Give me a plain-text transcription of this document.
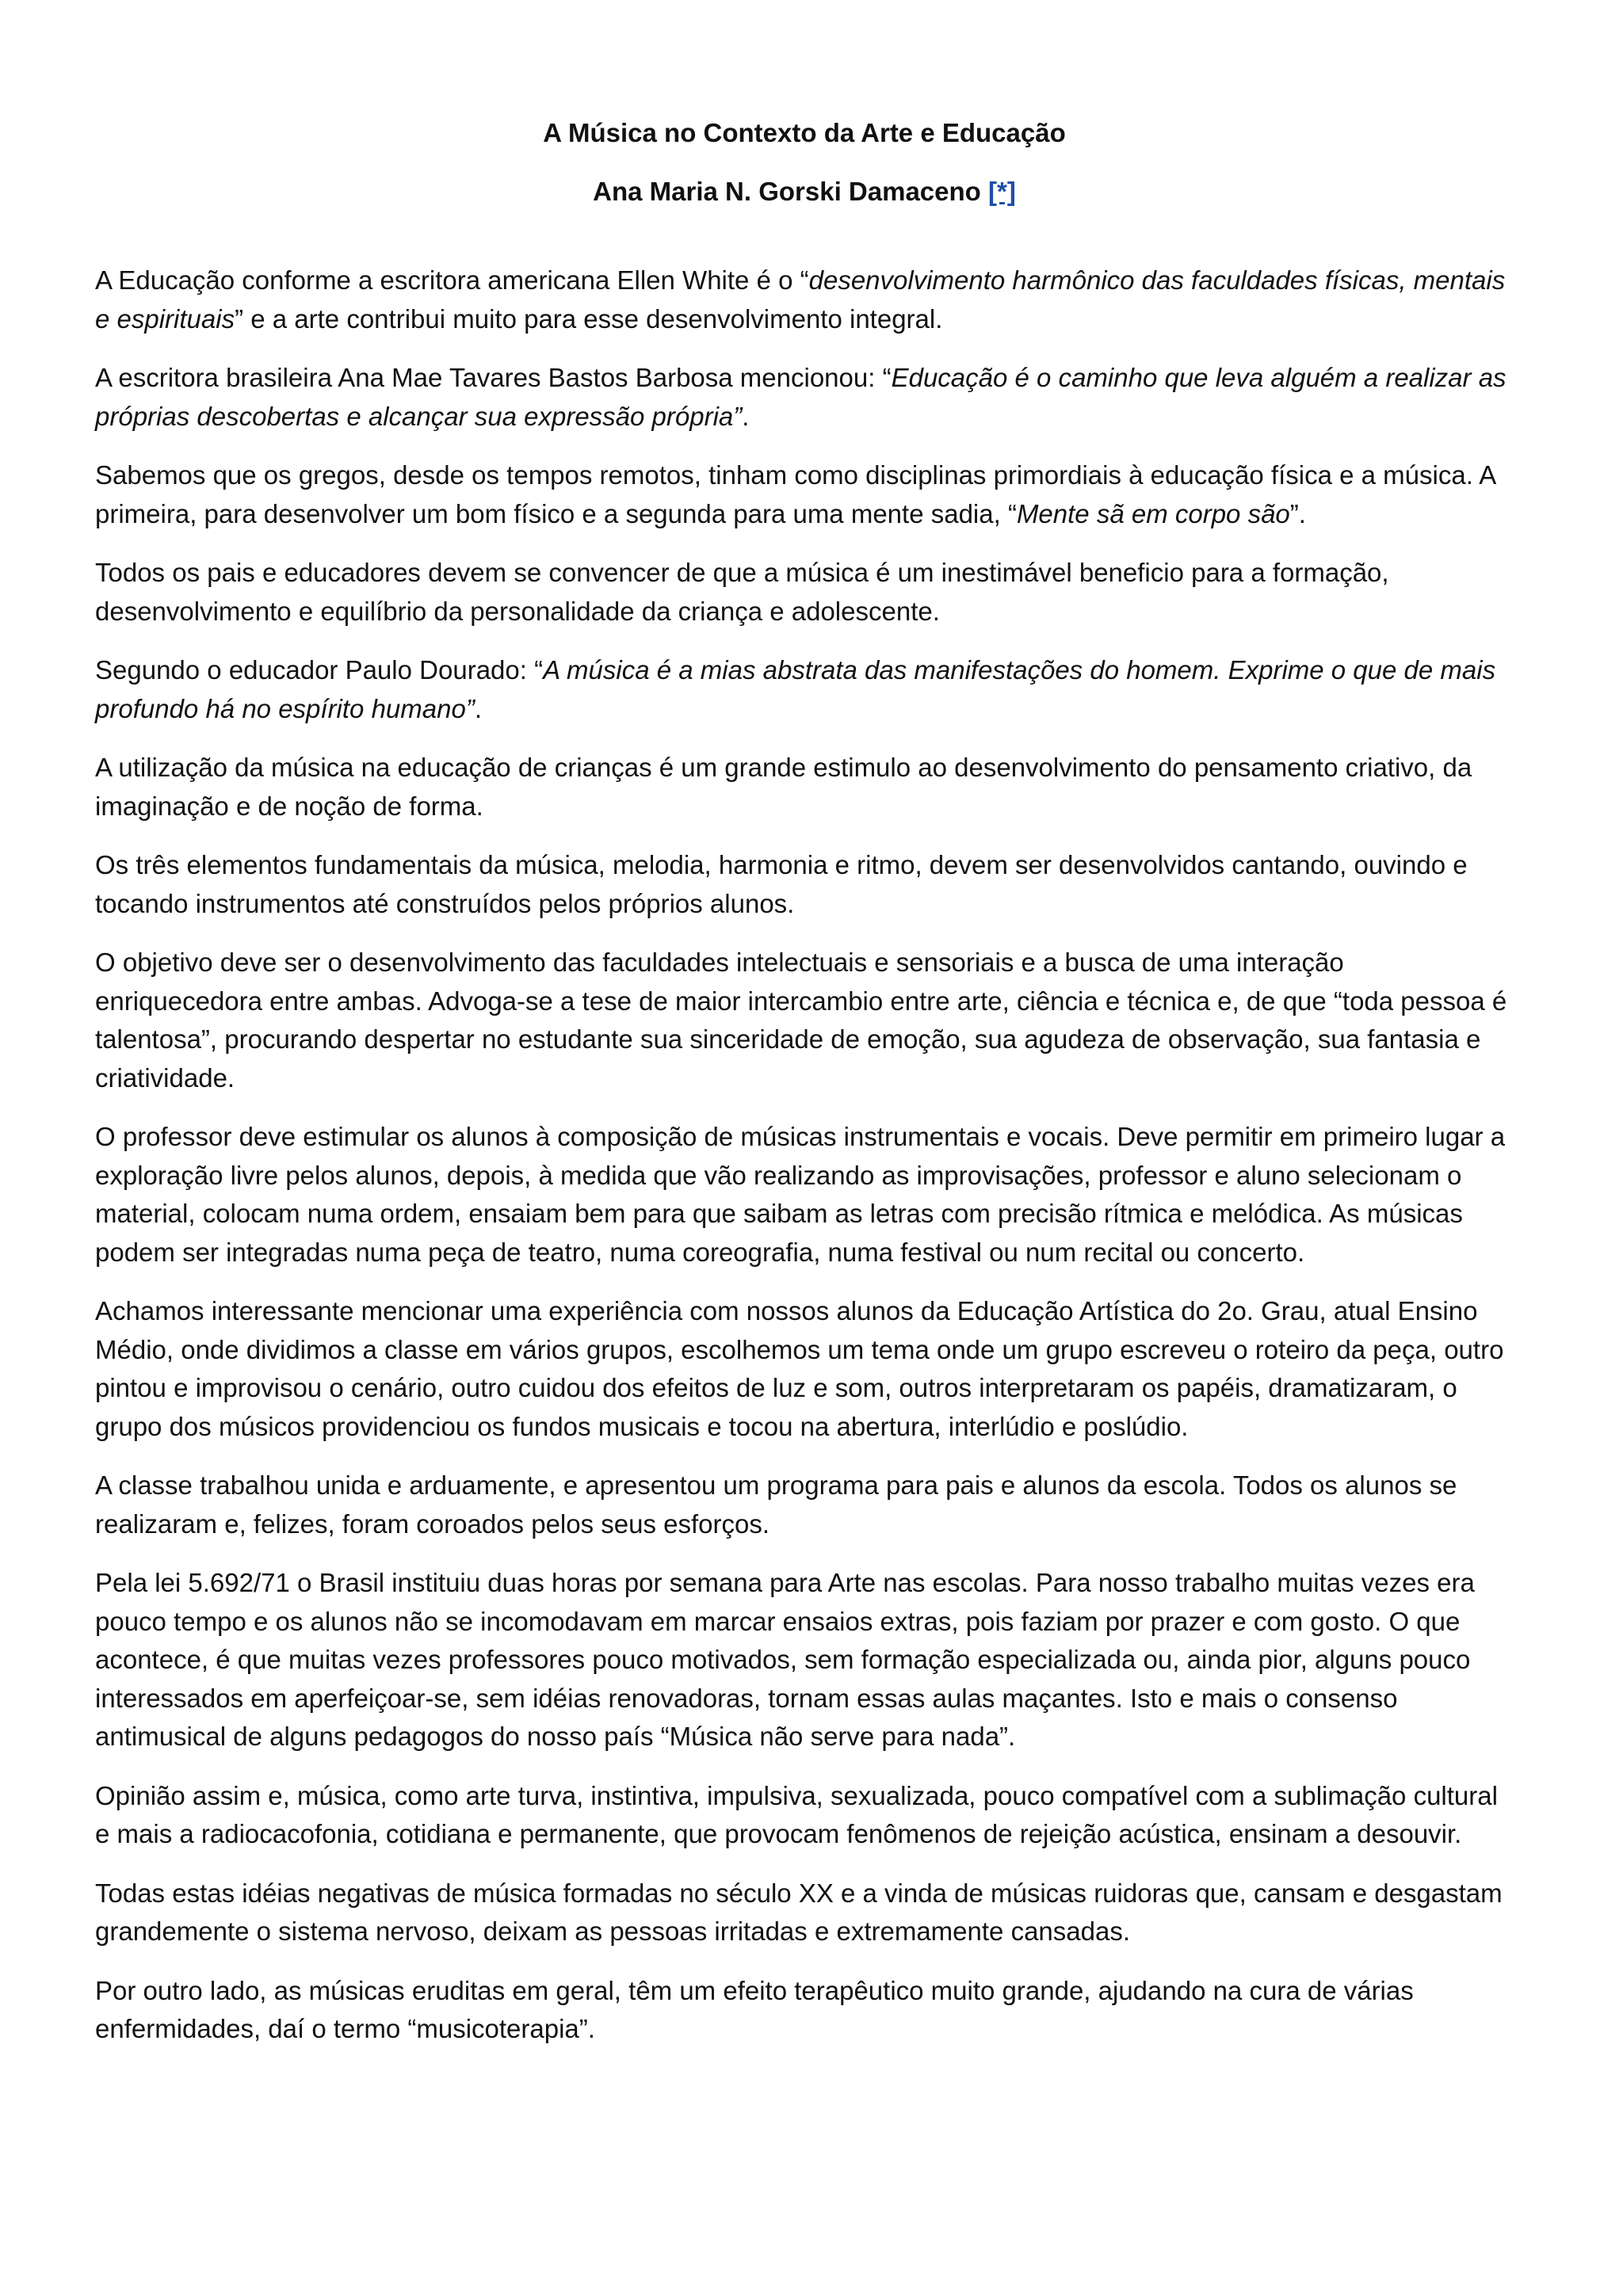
A Música no Contexto da Arte e Educação
Ana Maria N. Gorski Damaceno [*]

A Educação conforme a escritora americana Ellen White é o “desenvolvimento harmônico das faculdades físicas, mentais e espirituais” e a arte contribui muito para esse desenvolvimento integral.

A escritora brasileira Ana Mae Tavares Bastos Barbosa mencionou: “Educação é o caminho que leva alguém a realizar as próprias descobertas e alcançar sua expressão própria”.

Sabemos que os gregos, desde os tempos remotos, tinham como disciplinas primordiais à educação física e a música. A primeira, para desenvolver um bom físico e a segunda para uma mente sadia, “Mente sã em corpo são”.

Todos os pais e educadores devem se convencer de que a música é um inestimável beneficio para a formação, desenvolvimento e equilíbrio da personalidade da criança e adolescente.

Segundo o educador Paulo Dourado: “A música é a mias abstrata das manifestações do homem. Exprime o que de mais profundo há no espírito humano”.

A utilização da música na educação de crianças é um grande estimulo ao desenvolvimento do pensamento criativo, da imaginação e de noção de forma.

Os três elementos fundamentais da música, melodia, harmonia e ritmo, devem ser desenvolvidos cantando, ouvindo e tocando instrumentos até construídos pelos próprios alunos.

O objetivo deve ser o desenvolvimento das faculdades intelectuais e sensoriais e a busca de uma interação enriquecedora entre ambas. Advoga-se a tese de maior intercambio entre arte, ciência e técnica e, de que “toda pessoa é talentosa”, procurando despertar no estudante sua sinceridade de emoção, sua agudeza de observação, sua fantasia e criatividade.

O professor deve estimular os alunos à composição de músicas instrumentais e vocais. Deve permitir em primeiro lugar a exploração livre pelos alunos, depois, à medida que vão realizando as improvisações, professor e aluno selecionam o material, colocam numa ordem, ensaiam bem para que saibam as letras com precisão rítmica e melódica. As músicas podem ser integradas numa peça de teatro, numa coreografia, numa festival ou num recital ou concerto.

Achamos interessante mencionar uma experiência com nossos alunos da Educação Artística do 2o. Grau, atual Ensino Médio, onde dividimos a classe em vários grupos, escolhemos um tema onde um grupo escreveu o roteiro da peça, outro pintou e improvisou o cenário, outro cuidou dos efeitos de luz e som, outros interpretaram os papéis, dramatizaram, o grupo dos músicos providenciou os fundos musicais e tocou na abertura, interlúdio e poslúdio.

A classe trabalhou unida e arduamente, e apresentou um programa para pais e alunos da escola. Todos os alunos se realizaram e, felizes, foram coroados pelos seus esforços.

Pela lei 5.692/71 o Brasil instituiu duas horas por semana para Arte nas escolas. Para nosso trabalho muitas vezes era pouco tempo e os alunos não se incomodavam em marcar ensaios extras, pois faziam por prazer e com gosto. O que acontece, é que muitas vezes professores pouco motivados, sem formação especializada ou, ainda pior, alguns pouco interessados em aperfeiçoar-se, sem idéias renovadoras, tornam essas aulas maçantes. Isto e mais o consenso antimusical de alguns pedagogos do nosso país “Música não serve para nada”.

Opinião assim e, música, como arte turva, instintiva, impulsiva, sexualizada, pouco compatível com a sublimação cultural e mais a radiocacofonia, cotidiana e permanente, que provocam fenômenos de rejeição acústica, ensinam a desouvir.

Todas estas idéias negativas de música formadas no século XX e a vinda de músicas ruidoras que, cansam e desgastam grandemente o sistema nervoso, deixam as pessoas irritadas e extremamente cansadas.

Por outro lado, as músicas eruditas em geral, têm um efeito terapêutico muito grande, ajudando na cura de várias enfermidades, daí o termo “musicoterapia”.
